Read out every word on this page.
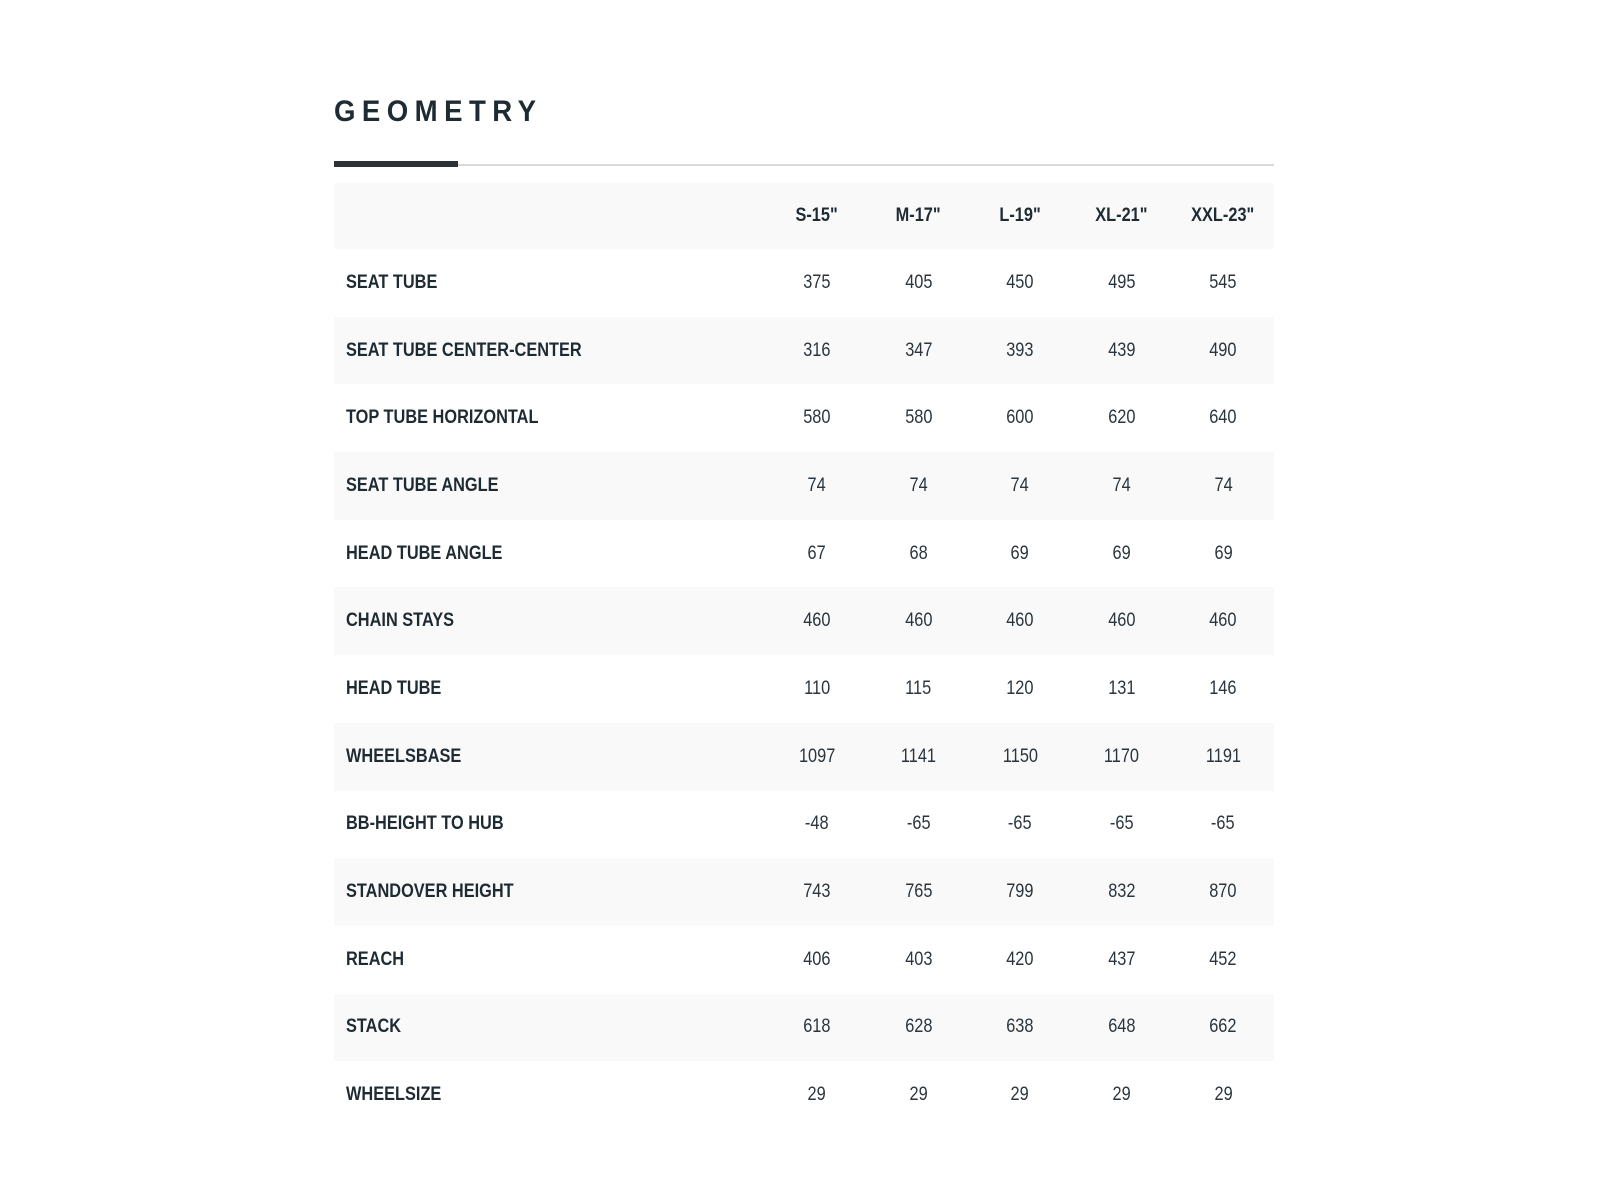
GEOMETRY
	S-15"	M-17"	L-19"	XL-21"	XXL-23"
SEAT TUBE	375	405	450	495	545
SEAT TUBE CENTER-CENTER	316	347	393	439	490
TOP TUBE HORIZONTAL	580	580	600	620	640
SEAT TUBE ANGLE	74	74	74	74	74
HEAD TUBE ANGLE	67	68	69	69	69
CHAIN STAYS	460	460	460	460	460
HEAD TUBE	110	115	120	131	146
WHEELSBASE	1097	1141	1150	1170	1191
BB-HEIGHT TO HUB	-48	-65	-65	-65	-65
STANDOVER HEIGHT	743	765	799	832	870
REACH	406	403	420	437	452
STACK	618	628	638	648	662
WHEELSIZE	29	29	29	29	29
